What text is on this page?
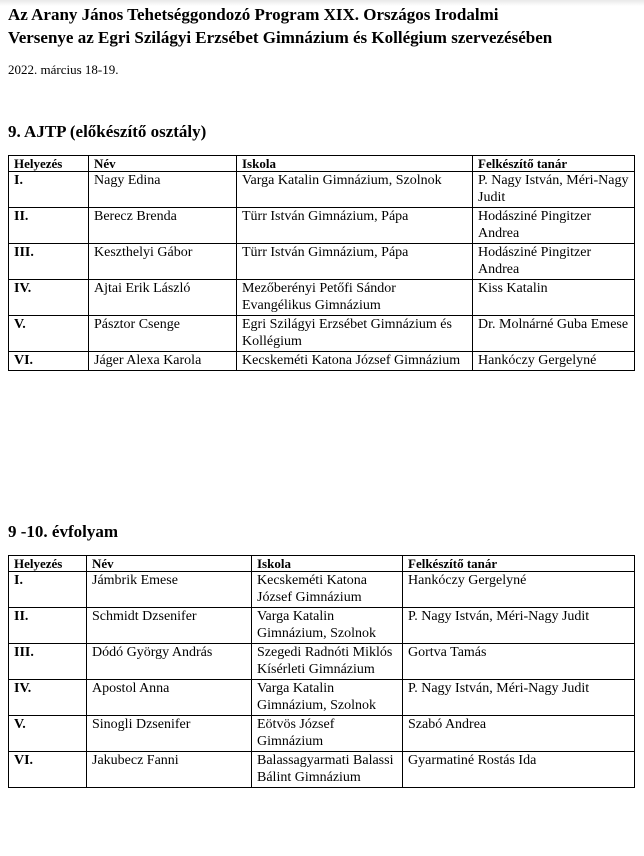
Az Arany János Tehetséggondozó Program XIX. Országos Irodalmi
Versenye az Egri Szilágyi Erzsébet Gimnázium és Kollégium szervezésében
2022. március 18-19.
9. AJTP (előkészítő osztály)
Helyezés	Név	Iskola	Felkészítő tanár
I.	Nagy Edina	Varga Katalin Gimnázium, Szolnok	P. Nagy István, Méri-Nagy Judit
II.	Berecz Brenda	Türr István Gimnázium, Pápa	Hodásziné Pingitzer Andrea
III.	Keszthelyi Gábor	Türr István Gimnázium, Pápa	Hodásziné Pingitzer Andrea
IV.	Ajtai Erik László	Mezőberényi Petőfi Sándor Evangélikus Gimnázium	Kiss Katalin
V.	Pásztor Csenge	Egri Szilágyi Erzsébet Gimnázium és Kollégium	Dr. Molnárné Guba Emese
VI.	Jáger Alexa Karola	Kecskeméti Katona József Gimnázium	Hankóczy Gergelyné
9 -10. évfolyam
Helyezés	Név	Iskola	Felkészítő tanár
I.	Jámbrik Emese	Kecskeméti Katona József Gimnázium	Hankóczy Gergelyné
II.	Schmidt Dzsenifer	Varga Katalin Gimnázium, Szolnok	P. Nagy István, Méri-Nagy Judit
III.	Dódó György András	Szegedi Radnóti Miklós Kísérleti Gimnázium	Gortva Tamás
IV.	Apostol Anna	Varga Katalin Gimnázium, Szolnok	P. Nagy István, Méri-Nagy Judit
V.	Sinogli Dzsenifer	Eötvös József Gimnázium	Szabó Andrea
VI.	Jakubecz Fanni	Balassagyarmati Balassi Bálint Gimnázium	Gyarmatiné Rostás Ida
